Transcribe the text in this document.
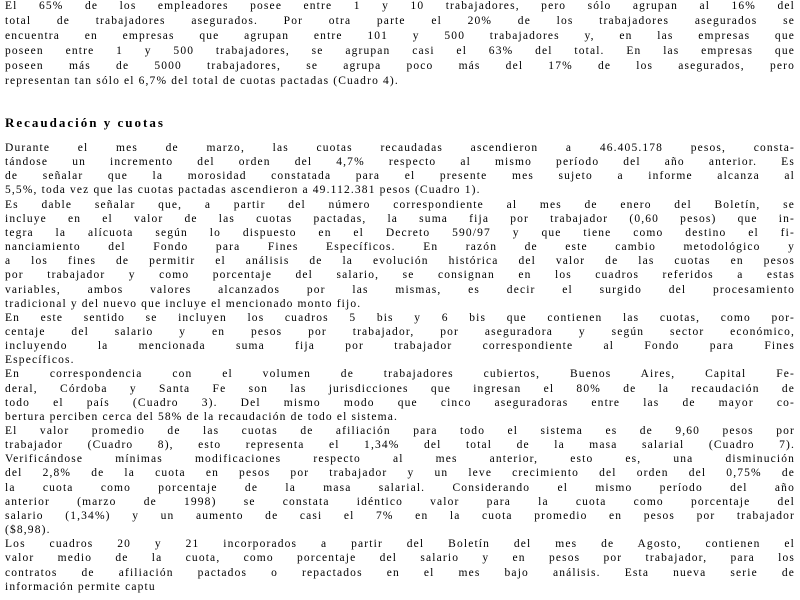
El 65% de los empleadores posee entre 1 y 10 trabajadores, pero sólo agrupan al 16% del
total de trabajadores asegurados. Por otra parte el 20% de los trabajadores asegurados se
encuentra en empresas que agrupan entre 101 y 500 trabajadores y, en las empresas que
poseen entre 1 y 500 trabajadores, se agrupan casi el 63% del total. En las empresas que
poseen más de 5000 trabajadores, se agrupa poco más del 17% de los asegurados, pero
representan tan sólo el 6,7% del total de cuotas pactadas (Cuadro 4).
Recaudación y cuotas
Durante el mes de marzo, las cuotas recaudadas ascendieron a 46.405.178 pesos, consta-
tándose un incremento del orden del 4,7% respecto al mismo período del año anterior. Es
de señalar que la morosidad constatada para el presente mes sujeto a informe alcanza al
5,5%, toda vez que las cuotas pactadas ascendieron a 49.112.381 pesos (Cuadro 1).
Es dable señalar que, a partir del número correspondiente al mes de enero del Boletín, se
incluye en el valor de las cuotas pactadas, la suma fija por trabajador (0,60 pesos) que in-
tegra la alícuota según lo dispuesto en el Decreto 590/97 y que tiene como destino el fi-
nanciamiento del Fondo para Fines Específicos. En razón de este cambio metodológico y
a los fines de permitir el análisis de la evolución histórica del valor de las cuotas en pesos
por trabajador y como porcentaje del salario, se consignan en los cuadros referidos a estas
variables, ambos valores alcanzados por las mismas, es decir el surgido del procesamiento
tradicional y del nuevo que incluye el mencionado monto fijo.
En este sentido se incluyen los cuadros 5 bis y 6 bis que contienen las cuotas, como por-
centaje del salario y en pesos por trabajador, por aseguradora y según sector económico,
incluyendo la mencionada suma fija por trabajador correspondiente al Fondo para Fines
Específicos.
En correspondencia con el volumen de trabajadores cubiertos, Buenos Aires, Capital Fe-
deral, Córdoba y Santa Fe son las jurisdicciones que ingresan el 80% de la recaudación de
todo el país (Cuadro 3). Del mismo modo que cinco aseguradoras entre las de mayor co-
bertura perciben cerca del 58% de la recaudación de todo el sistema.
El valor promedio de las cuotas de afiliación para todo el sistema es de 9,60 pesos por
trabajador (Cuadro 8), esto representa el 1,34% del total de la masa salarial (Cuadro 7).
Verificándose mínimas modificaciones respecto al mes anterior, esto es, una disminución
del 2,8% de la cuota en pesos por trabajador y un leve crecimiento del orden del 0,75% de
la cuota como porcentaje de la masa salarial. Considerando el mismo período del año
anterior (marzo de 1998) se constata idéntico valor para la cuota como porcentaje del
salario (1,34%) y un aumento de casi el 7% en la cuota promedio en pesos por trabajador
($8,98).
Los cuadros 20 y 21 incorporados a partir del Boletín del mes de Agosto, contienen el
valor medio de la cuota, como porcentaje del salario y en pesos por trabajador, para los
contratos de afiliación pactados o repactados en el mes bajo análisis. Esta nueva serie de
información permite captu
